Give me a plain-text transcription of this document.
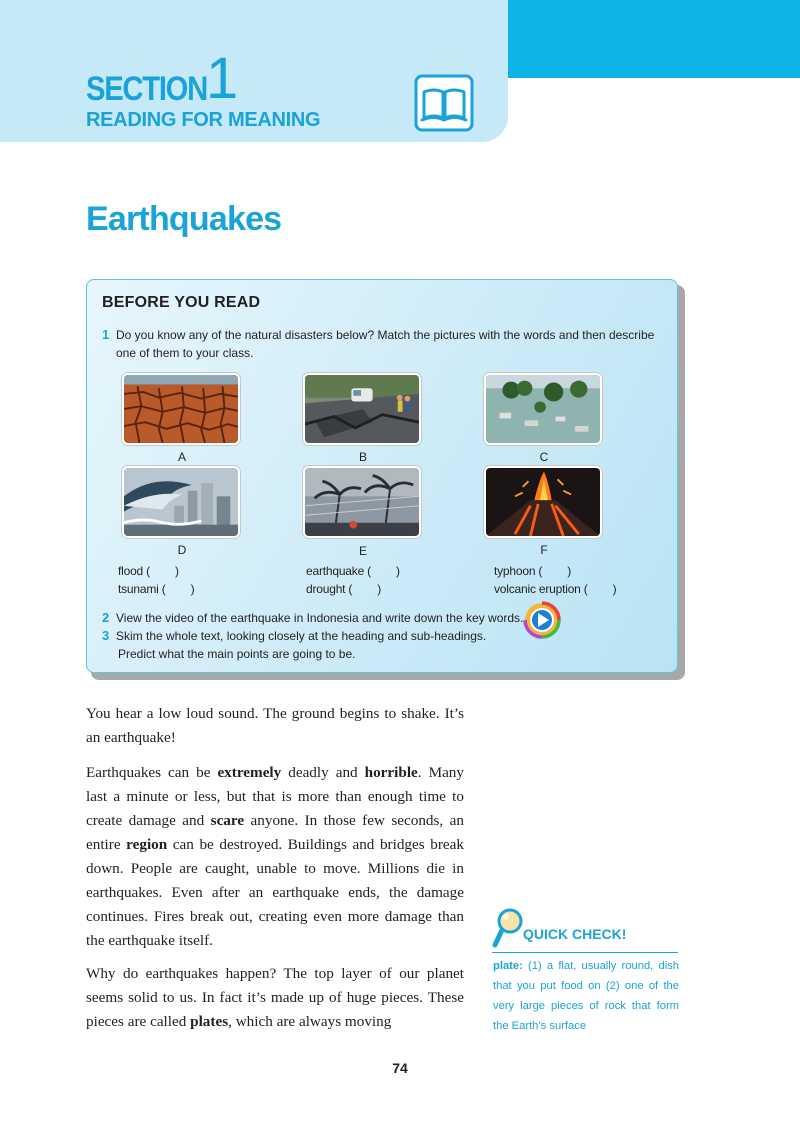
SECTION 1
READING FOR MEANING
Earthquakes
BEFORE YOU READ
1 Do you know any of the natural disasters below? Match the pictures with the words and then describe one of them to your class.
A	B	C
D	E	F
flood (        )	earthquake (        )	typhoon (        )
tsunami (        )	drought (        )	volcanic eruption (        )
2 View the video of the earthquake in Indonesia and write down the key words.
3 Skim the whole text, looking closely at the heading and sub-headings.
Predict what the main points are going to be.
You hear a low loud sound. The ground begins to shake. It’s an earthquake!
Earthquakes can be extremely deadly and horrible. Many last a minute or less, but that is more than enough time to create damage and scare anyone. In those few seconds, an entire region can be destroyed. Buildings and bridges break down. People are caught, unable to move. Millions die in earthquakes. Even after an earthquake ends, the damage continues. Fires break out, creating even more damage than the earthquake itself.
Why do earthquakes happen? The top layer of our planet seems solid to us. In fact it’s made up of huge pieces. These pieces are called plates, which are always moving
QUICK CHECK!
plate: (1) a flat, usually round, dish that you put food on (2) one of the very large pieces of rock that form the Earth’s surface
74
